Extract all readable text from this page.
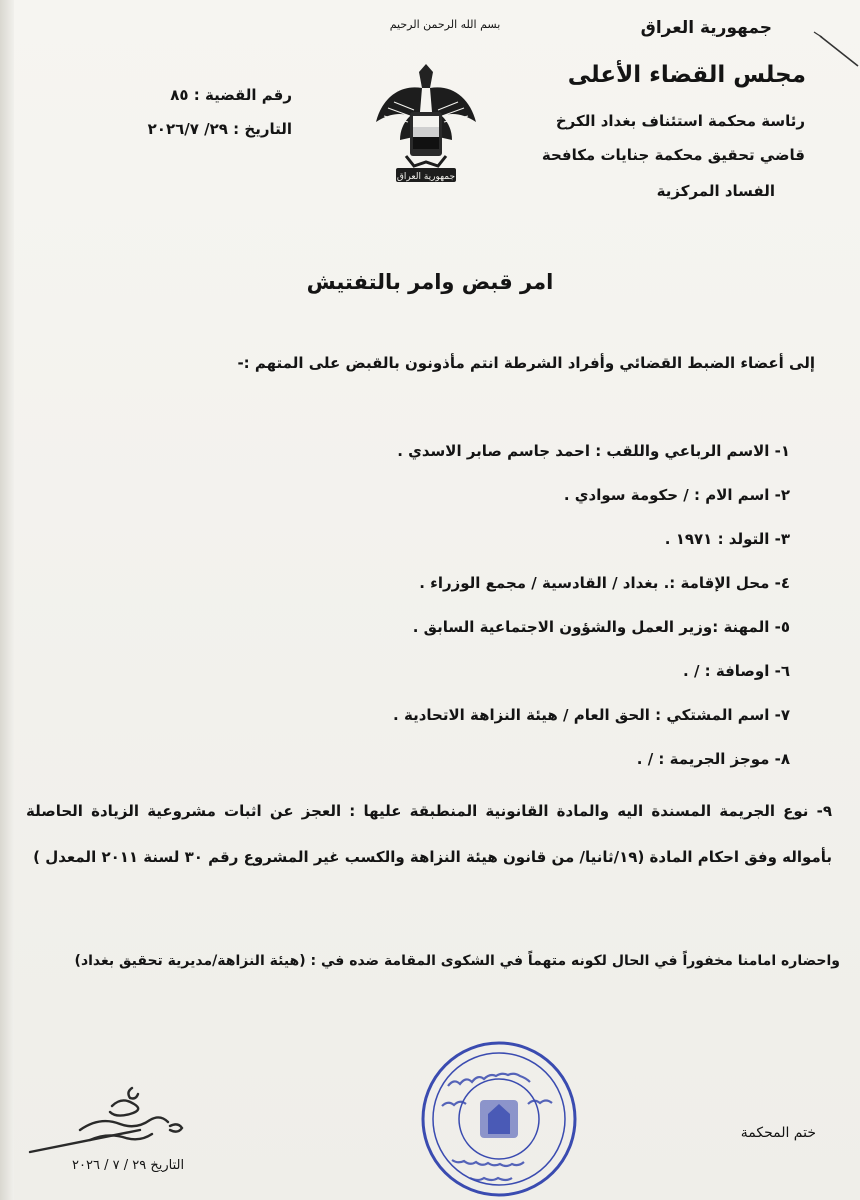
بسم الله الرحمن الرحيم
جمهورية العراق
جمهورية العراق
مجلس القضاء الأعلى
رئاسة محكمة استئناف بغداد الكرخ
قاضي تحقيق محكمة جنايات مكافحة
الفساد المركزية
رقم القضية : ٨٥
التاريخ : ٢٩/ ٢٠٢٦/٧
امر قبض وامر بالتفتيش
إلى أعضاء الضبط القضائي وأفراد الشرطة انتم مأذونون بالقبض على المتهم :-
١- الاسم الرباعي واللقب : احمد جاسم صابر الاسدي .
٢- اسم الام : / حكومة سوادي .
٣- التولد : ١٩٧١ .
٤- محل الإقامة :. بغداد / القادسية / مجمع الوزراء .
٥- المهنة :وزير العمل والشؤون الاجتماعية السابق .
٦- اوصافة : / .
٧- اسم المشتكي : الحق العام / هيئة النزاهة الاتحادية .
٨- موجز الجريمة : / .
٩- نوع الجريمة المسندة اليه والمادة القانونية المنطبقة عليها : العجز عن اثبات مشروعية الزيادة الحاصلة بأمواله وفق احكام المادة (١٩/ثانيا/ من قانون هيئة النزاهة والكسب غير المشروع رقم ٣٠ لسنة ٢٠١١ المعدل )
واحضاره امامنا مخفوراً في الحال لكونه متهماً في الشكوى المقامة ضده في : (هيئة النزاهة/مديرية تحقيق بغداد)
ختم المحكمة
التاريخ ٢٩ / ٧ / ٢٠٢٦
